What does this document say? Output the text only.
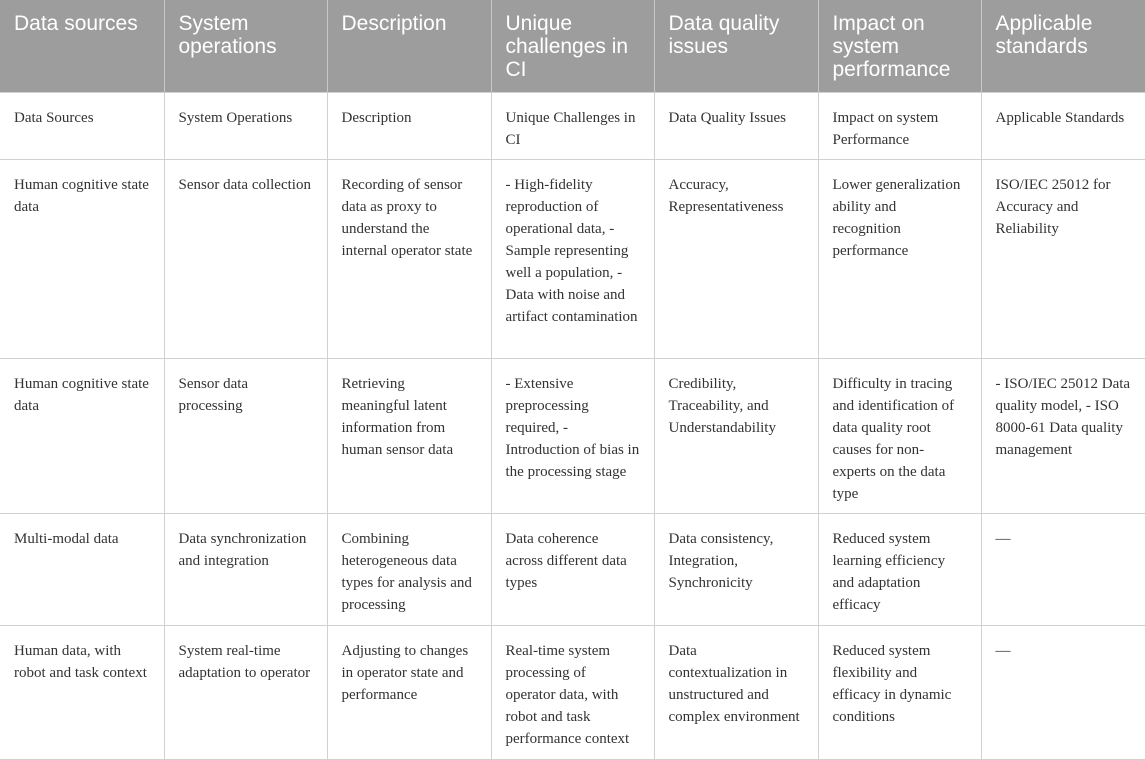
Data sources	System operations	Description	Unique challenges in CI	Data quality issues	Impact on system performance	Applicable standards
Data Sources	System Operations	Description	Unique Challenges in CI	Data Quality Issues	Impact on system Performance	Applicable Standards
Human cognitive state data	Sensor data collection	Recording of sensor data as proxy to understand the internal operator state	- High-fidelity reproduction of operational data, - Sample representing well a population, - Data with noise and artifact contamination	Accuracy, Representativeness	Lower generalization ability and recognition performance	ISO/IEC 25012 for Accuracy and Reliability
Human cognitive state data	Sensor data processing	Retrieving meaningful latent information from human sensor data	- Extensive preprocessing required, - Introduction of bias in the processing stage	Credibility, Traceability, and Understandability	Difficulty in tracing and identification of data quality root causes for non-experts on the data type	- ISO/IEC 25012 Data quality model, - ISO 8000-61 Data quality management
Multi-modal data	Data synchronization and integration	Combining heterogeneous data types for analysis and processing	Data coherence across different data types	Data consistency, Integration, Synchronicity	Reduced system learning efficiency and adaptation efficacy	—
Human data, with robot and task context	System real-time adaptation to operator	Adjusting to changes in operator state and performance	Real-time system processing of operator data, with robot and task performance context	Data contextualization in unstructured and complex environment	Reduced system flexibility and efficacy in dynamic conditions	—
